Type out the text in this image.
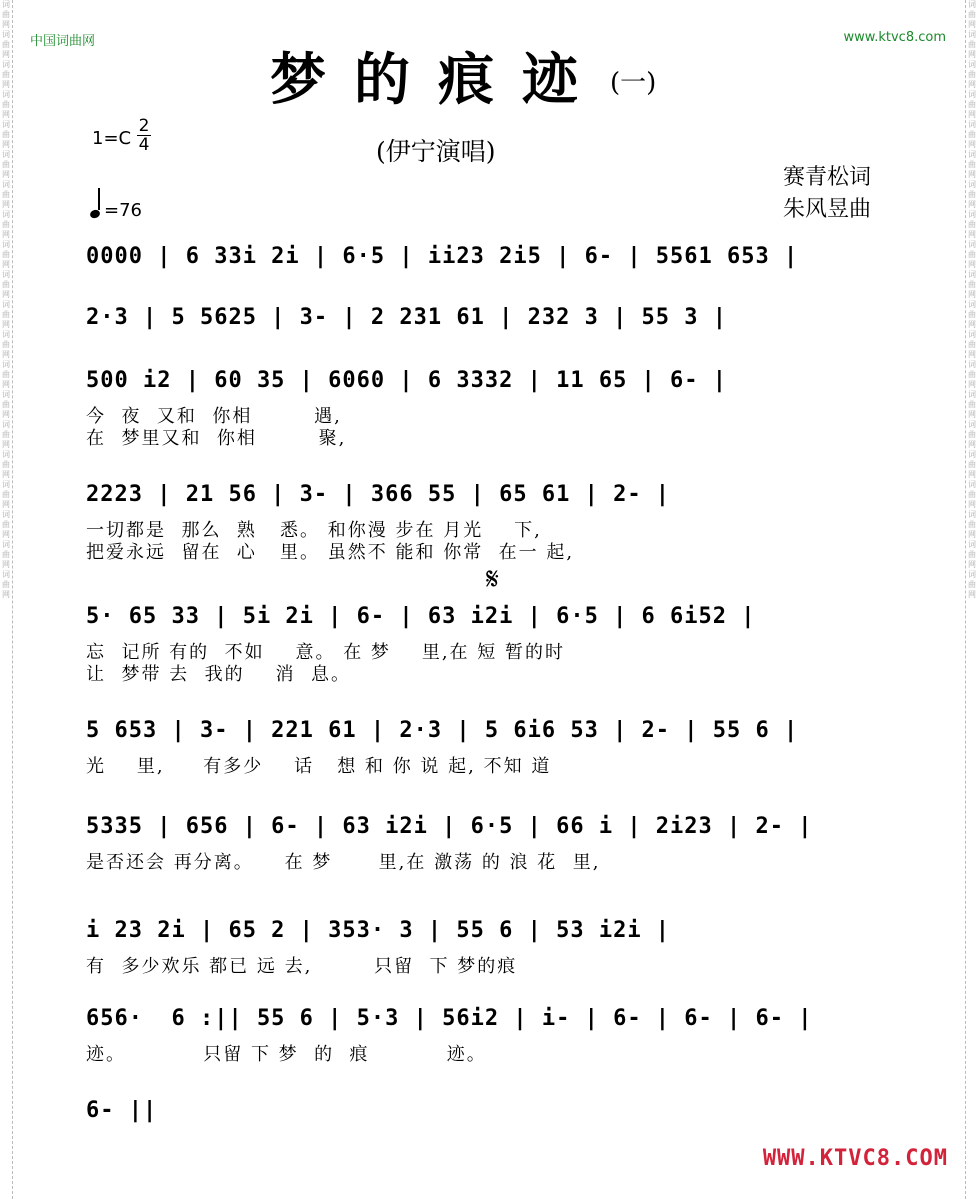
词
曲
网
词
曲
网
词
曲
网
词
曲
网
词
曲
网
词
曲
网
词
曲
网
词
曲
网
词
曲
网
词
曲
网
词
曲
网
词
曲
网
词
曲
网
词
曲
网
词
曲
网
词
曲
网
词
曲
网
词
曲
网
词
曲
网
词
曲
网
词
曲
网
词
曲
网
词
曲
网
词
曲
网
词
曲
网
词
曲
网
词
曲
网
词
曲
网
词
曲
网
词
曲
网
词
曲
网
词
曲
网
词
曲
网
词
曲
网
词
曲
网
词
曲
网
词
曲
网
词
曲
网
词
曲
网
词
曲
网
中国词曲网	www.ktvc8.com
梦的痕迹 (一)
1=C
2
4	(伊宁演唱)
=76
赛青松词
朱风昱曲
0000 | 6 33i 2i | 6·5 | ii23 2i5 | 6- | 5561 653 |
2·3 | 5 5625 | 3- | 2 231 61 | 232 3 | 55 3 |
500 i2 | 60 35 | 6060 | 6 3332 | 11 65 | 6- |
今  夜  又和  你相        遇,
在  梦里又和  你相        聚,
2223 | 21 56 | 3- | 366 55 | 65 61 | 2- |
一切都是  那么  熟   悉。 和你漫 步在 月光    下,
把爱永远  留在  心   里。 虽然不 能和 你常  在一 起,
5· 65 33 | 5i 2i | 6- | 63 i2i | 6·5 | 6 6i52 |
忘  记所 有的  不如    意。 在 梦    里,在 短 暂的时
让  梦带 去  我的    消  息。
5 653 | 3- | 221 61 | 2·3 | 5 6i6 53 | 2- | 55 6 |
光    里,     有多少    话   想 和 你 说 起, 不知 道
5335 | 656 | 6- | 63 i2i | 6·5 | 66 i | 2i23 | 2- |
是否还会 再分离。    在 梦      里,在 激荡 的 浪 花  里,
i 23 2i | 65 2 | 353· 3 | 55 6 | 53 i2i |
有  多少欢乐 都已 远 去,        只留  下 梦的痕
656·  6 :|| 55 6 | 5·3 | 56i2 | i- | 6- | 6- | 6- |
迹。          只留 下 梦  的  痕          迹。
6- ||
𝄋
WWW.KTVC8.COM
